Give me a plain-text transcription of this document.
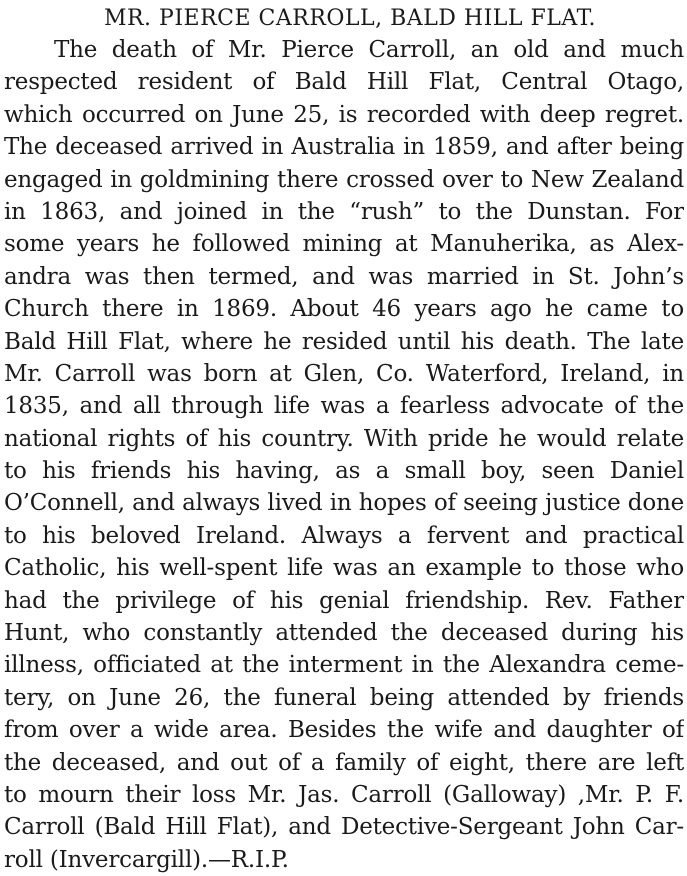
MR. PIERCE CARROLL, BALD HILL FLAT.
The death of Mr. Pierce Carroll, an old and much
respected resident of Bald Hill Flat, Central Otago,
which occurred on June 25, is recorded with deep regret.
The deceased arrived in Australia in 1859, and after being
engaged in goldmining there crossed over to New Zealand
in 1863, and joined in the “rush” to the Dunstan. For
some years he followed mining at Manuherika, as Alex-
andra was then termed, and was married in St. John’s
Church there in 1869. About 46 years ago he came to
Bald Hill Flat, where he resided until his death. The late
Mr. Carroll was born at Glen, Co. Waterford, Ireland, in
1835, and all through life was a fearless advocate of the
national rights of his country. With pride he would relate
to his friends his having, as a small boy, seen Daniel
O’Connell, and always lived in hopes of seeing justice done
to his beloved Ireland. Always a fervent and practical
Catholic, his well-spent life was an example to those who
had the privilege of his genial friendship. Rev. Father
Hunt, who constantly attended the deceased during his
illness, officiated at the interment in the Alexandra ceme-
tery, on June 26, the funeral being attended by friends
from over a wide area. Besides the wife and daughter of
the deceased, and out of a family of eight, there are left
to mourn their loss Mr. Jas. Carroll (Galloway) ,Mr. P. F.
Carroll (Bald Hill Flat), and Detective-Sergeant John Car-
roll (Invercargill).—R.I.P.
